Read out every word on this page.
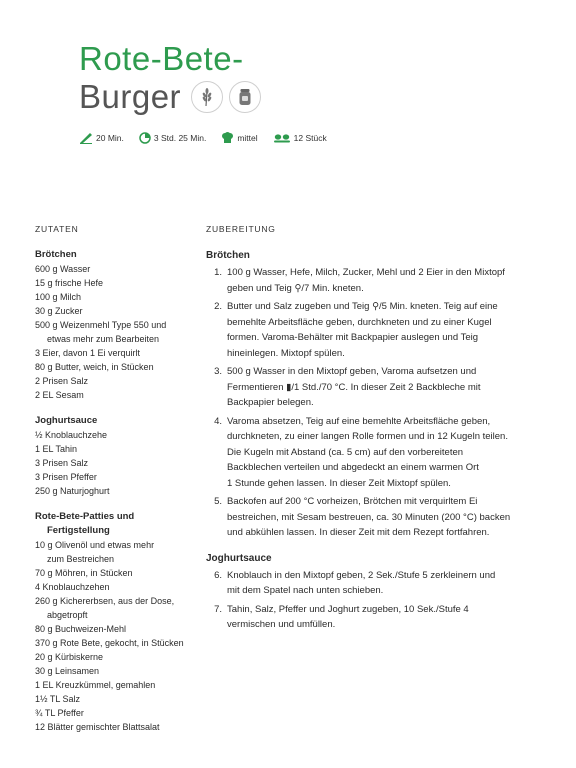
Rote-Bete-
Burger
20 Min.	3 Std. 25 Min.	mittel	12 Stück
ZUTATEN
Brötchen
600 g Wasser
15 g frische Hefe
100 g Milch
30 g Zucker
500 g Weizenmehl Type 550 und
etwas mehr zum Bearbeiten
3 Eier, davon 1 Ei verquirlt
80 g Butter, weich, in Stücken
2 Prisen Salz
2 EL Sesam
Joghurtsauce
½ Knoblauchzehe
1 EL Tahin
3 Prisen Salz
3 Prisen Pfeffer
250 g Naturjoghurt
Rote-Bete-Patties und
Fertigstellung
10 g Olivenöl und etwas mehr
zum Bestreichen
70 g Möhren, in Stücken
4 Knoblauchzehen
260 g Kichererbsen, aus der Dose,
abgetropft
80 g Buchweizen-Mehl
370 g Rote Bete, gekocht, in Stücken
20 g Kürbiskerne
30 g Leinsamen
1 EL Kreuzkümmel, gemahlen
1½ TL Salz
¾ TL Pfeffer
12 Blätter gemischter Blattsalat
ZUBEREITUNG
Brötchen
1. 100 g Wasser, Hefe, Milch, Zucker, Mehl und 2 Eier in den Mixtopf
geben und Teig ⚲/7 Min. kneten.
2. Butter und Salz zugeben und Teig ⚲/5 Min. kneten. Teig auf eine
bemehlte Arbeitsfläche geben, durchkneten und zu einer Kugel
formen. Varoma-Behälter mit Backpapier auslegen und Teig
hineinlegen. Mixtopf spülen.
3. 500 g Wasser in den Mixtopf geben, Varoma aufsetzen und
Fermentieren ▮/1 Std./70 °C. In dieser Zeit 2 Backbleche mit
Backpapier belegen.
4. Varoma absetzen, Teig auf eine bemehlte Arbeitsfläche geben,
durchkneten, zu einer langen Rolle formen und in 12 Kugeln teilen.
Die Kugeln mit Abstand (ca. 5 cm) auf den vorbereiteten
Backblechen verteilen und abgedeckt an einem warmen Ort
1 Stunde gehen lassen. In dieser Zeit Mixtopf spülen.
5. Backofen auf 200 °C vorheizen, Brötchen mit verquirltem Ei
bestreichen, mit Sesam bestreuen, ca. 30 Minuten (200 °C) backen
und abkühlen lassen. In dieser Zeit mit dem Rezept fortfahren.
Joghurtsauce
6. Knoblauch in den Mixtopf geben, 2 Sek./Stufe 5 zerkleinern und
mit dem Spatel nach unten schieben.
7. Tahin, Salz, Pfeffer und Joghurt zugeben, 10 Sek./Stufe 4
vermischen und umfüllen.
